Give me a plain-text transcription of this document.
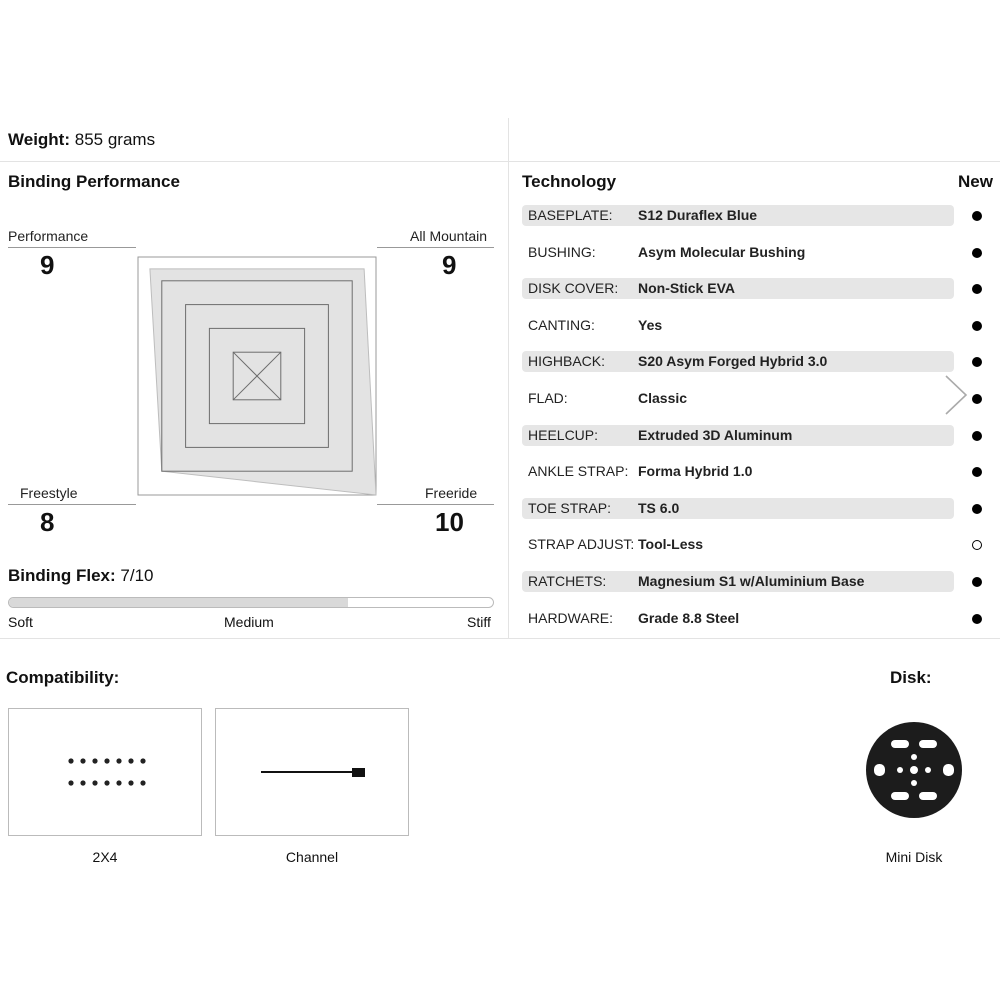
Weight: 855 grams
Binding Performance
Performance
9
All Mountain
9
Freestyle
8
Freeride
10
Binding Flex: 7/10
Soft	Medium	Stiff
Technology	New
BASEPLATE: S12 Duraflex Blue
BUSHING:	Asym Molecular Bushing
DISK COVER: Non-Stick EVA
CANTING:	Yes
HIGHBACK: S20 Asym Forged Hybrid 3.0
FLAD:	Classic
HEELCUP:	Extruded 3D Aluminum
ANKLE STRAP: Forma Hybrid 1.0
TOE STRAP: TS 6.0
STRAP ADJUST: Tool-Less
RATCHETS: Magnesium S1 w/Aluminium Base
HARDWARE: Grade 8.8 Steel
Compatibility:
2X4	Channel
Disk:
Mini Disk
